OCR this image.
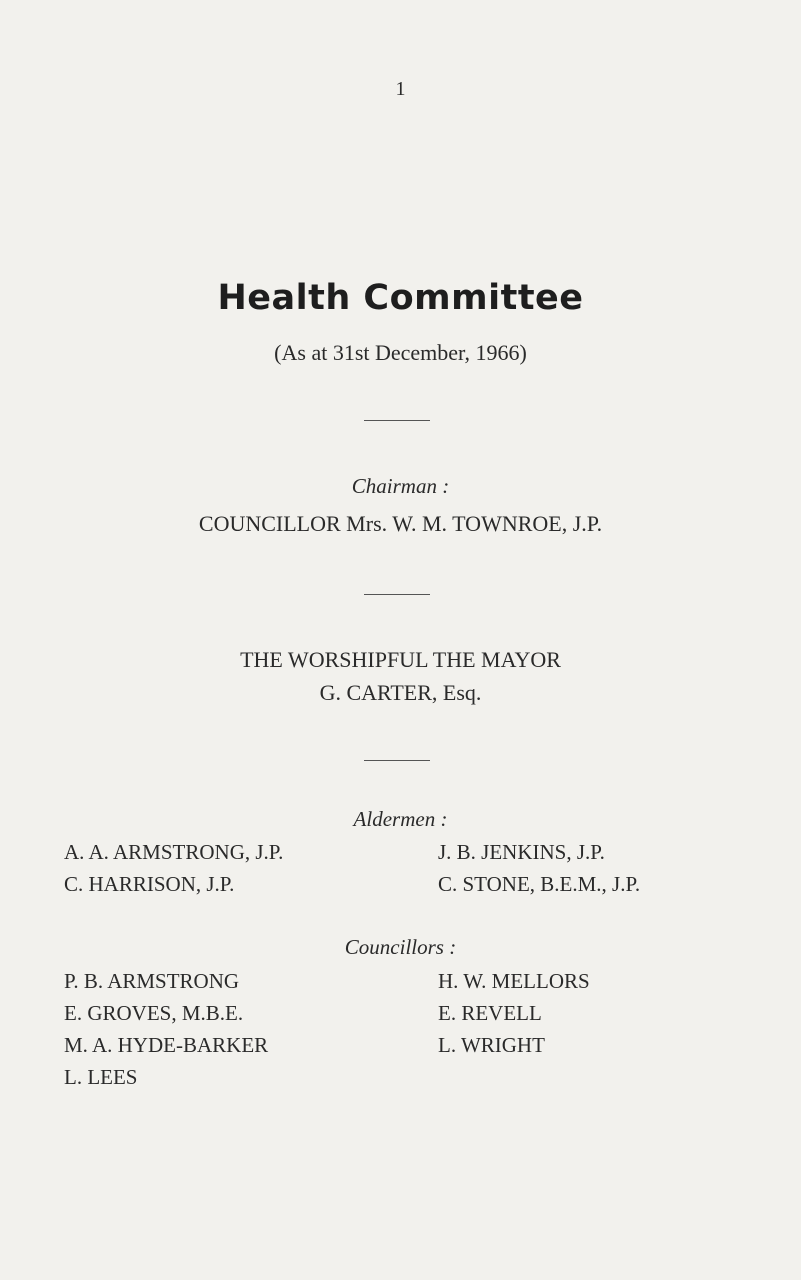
1
Health Committee
(As at 31st December, 1966)
Chairman :
COUNCILLOR Mrs. W. M. TOWNROE, J.P.
THE WORSHIPFUL THE MAYOR
G. CARTER, Esq.
Aldermen :
A. A. ARMSTRONG, J.P.
C. HARRISON, J.P.
J. B. JENKINS, J.P.
C. STONE, B.E.M., J.P.
Councillors :
P. B. ARMSTRONG
E. GROVES, M.B.E.
M. A. HYDE-BARKER
L. LEES
H. W. MELLORS
E. REVELL
L. WRIGHT
